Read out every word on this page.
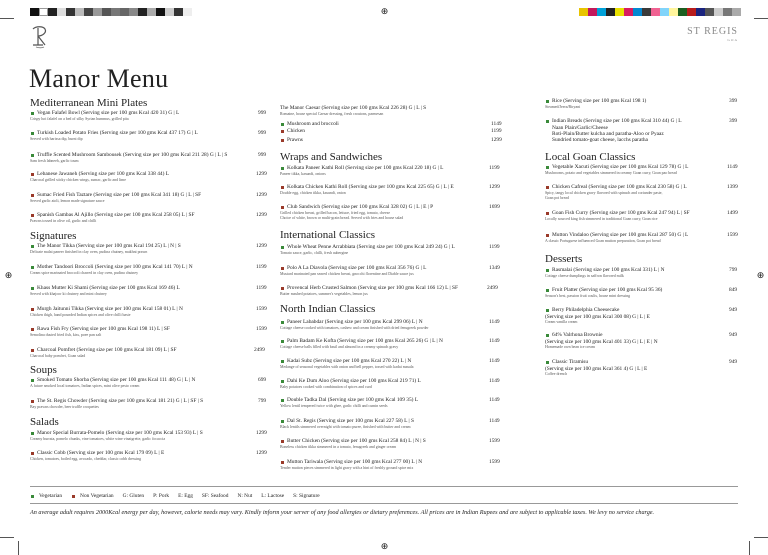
⊕
⊕	⊕
⊕
ST REGIS
GOA
Manor Menu
Mediterranean Mini Plates
Vegan Falafel Bowl (Serving size per 100 gms Kcal 420 31) G | L
Crispy hot falafel on a bed of silky Syrian hummus, grilled pita
999
Turkish Loaded Potato Fries (Serving size per 100 gms Kcal 437 17) G | L
Served with harissa dip, burnt dip
999
Truffle Scented Mushroom Sambousek (Serving size per 100 gms Kcal 211 28) G | L | S
Sam fresh labneeh, garlic toum
999
Lebanese Jawaneh (Serving size per 100 gms Kcal 338 44) L
Charcoal grilled sticky chicken wings, sumac, garlic and lime
1299
Sumac Fried Fish Taztare (Serving size per 100 gms Kcal 341 18) G | L | SF
Served garlic aioli, lemon made signature sauce
1299
Spanish Gambas Al Ajillo (Serving size per 100 gms Kcal 258 05) L | SF
Prawns tossed in olive oil, garlic and chilli
1299
Signatures
The Manor Tikka (Serving size per 100 gms Kcal 194 25) L | N | S
Delicate malai paneer finished in clay oven, pudina chutney, makhni prawn
1299
Mother Tandoori Broccoli (Serving size per 100 gms Kcal 141 70) L | N
Cream spice marinated broccoli charred in clay oven, pudina chutney
1199
Khass Mutter Ki Shami (Serving size per 100 gms Kcal 169 46) L
Served with khajoor ki chutney and mint chutney
1199
Murgh Jaitunni Tikka (Serving size per 100 gms Kcal 158 01) L | N
Chicken thigh, hand pounded Indian spices and olive chilli baste
1599
Rawa Fish Fry (Serving size per 100 gms Kcal 198 11) L | SF
Semolina dusted fried fish, kiss, poee pan salt
1599
Charcoal Pomfret (Serving size per 100 gms Kcal 181 09) L | SF
Charcoal baby pomfret, Goan salad
2499
Soups
Smoked Tomato Shorba (Serving size per 100 gms Kcal 111 48) G | L | N
A future smoked local tomatoes, Indian spices, mint olive pesto cream
699
The St. Regis Chowder (Serving size per 100 gms Kcal 181 21) G | L | SF | S
Bay prawns chowder, beer truffle croquettes
799
Salads
Manor Special Burrata-Pomelo (Serving size per 100 gms Kcal 153 93) L | S
Creamy burrata, pomelo chunks, vine tomatoes, white wine vinaigrette, garlic focaccia
1299
Classic Cobb (Serving size per 100 gms Kcal 179 09) L | E
Chicken, tomatoes, boiled egg, avocado, cheddar, classic cobb dressing
1299
The Manor Caesar (Serving size per 100 gms Kcal 226 28) G | L | S
Romaine, house special Caesar dressing, fresh croutons, parmesan
Mushroom and broccoli	1149
Chicken	1199
Prawns	1299
Wraps and Sandwiches
Kolkata Paneer Kathi Roll (Serving size per 100 gms Kcal 220 18) G | L
Paneer tikka, kasundi, onions
1199
Kolkata Chicken Kathi Roll (Serving size per 100 gms Kcal 225 65) G | L | E
Double egg, chicken tikka, kasundi, onion
1299
Club Sandwich (Serving size per 100 gms Kcal 328 02) G | L | E | P
Grilled chicken breast, grilled bacon, lettuce, fried egg, tomato, cheese
Choice of white, brown or multi-grain bread. Served with fries and house salad
1699
International Classics
Whole Wheat Penne Arrabbiata (Serving size per 100 gms Kcal 249 24) G | L
Tomato sauce, garlic, chilli, fresh aubergine
1199
Polo A La Diavola (Serving size per 100 gms Kcal 356 76) G | L
Mustard marinated pan seared chicken breast, gnocchi florentine and Diable sauce jus
1349
Provencal Herb Crusted Salmon (Serving size per 100 gms Kcal 166 12) L | SF
Butter mashed potatoes, summer's vegetables, lemon jus
2499
North Indian Classics
Paneer Lababdar (Serving size per 100 gms Kcal 299 06) L | N
Cottage cheese cooked with tomatoes, cashew and cream finished with dried fenugreek powder
1149
Palm Badam Ke Kofta (Serving size per 100 gms Kcal 265 26) G | L | N
Cottage cheese balls filled with basil and almond in a creamy spinach gravy
1149
Kadai Subz (Serving size per 100 gms Kcal 270 22) L | N
Medange of seasonal vegetables with onion and bell pepper, tossed with kadai masala
1149
Dahi Ke Dum Aloo (Serving size per 100 gms Kcal 219 71) L
Baby potatoes cooked with combination of spices and curd
1149
Double Tadka Dal (Serving size per 100 gms Kcal 109 35) L
Yellow lentil tempered twice with ghee, garlic chilli and cumin seeds
1149
Dal St. Regis (Serving size per 100 gms Kcal 227 58) L | S
Black lentils simmered overnight with tomato puree, finished with butter and cream
1149
Butter Chicken (Serving size per 100 gms Kcal 258 84) L | N | S
Boneless chicken tikka simmered in a tomato, fenugreek and ginger cream
1599
Mutton Tariwala (Serving size per 100 gms Kcal 277 00) L | N
Tender mutton pieces simmered in light gravy with a hint of freshly ground spice mix
1599
Rice (Serving size per 100 gms Kcal 198 1)
Steamed/Jeera/Biryani
399
Indian Breads (Serving size per 100 gms Kcal 310 44) G | L
Naan Plain/Garlic/Cheese
Roti-Plain/Butter kulcha and paratha-Aloo or Pyaaz
Sundried tomato-goat cheese, lacchs paratha
399
Local Goan Classics
Vegetable Xacuti (Serving size per 100 gms Kcal 129 78) G | L
Mushrooms, potato and vegetables simmered in creamy Goan curry, Goan pao bread
1149
Chicken Cafreal (Serving size per 100 gms Kcal 230 58) G | L
Spicy, tangy local chicken gravy flavored with spinach and coriander paste,
Goan poi bread
1399
Goan Fish Curry (Serving size per 100 gms Kcal 247 94) L | SF
Locally sourced king fish simmered in traditional Goan curry, Goan rice
1499
Mutton Vindaloo (Serving size per 100 gms Kcal 287 50) G | L
A classic Portuguese influenced Goan mutton preparation, Goan poi bread
1599
Desserts
Rasmalai (Serving size per 100 gms Kcal 331) L | N
Cottage cheese dumplings in saffron flavored milk
799
Fruit Platter (Serving size per 100 gms Kcal 95 36)
Season's best, passion fruit coulis, house mint dressing
849
Berry Philadelphia Cheesecake
(Serving size per 100 gms Kcal 300 08) G | L | E
Cream vanilla cream
949
64% Valrhona Brownie
(Serving size per 100 gms Kcal 401 33) G | L | E | N
Homemade own bean ice cream
949
Classic Tiramisu
(Serving size per 100 gms Kcal 361 4) G | L | E
Coffee drench
949
Vegetarian	Non Vegetarian G: Gluten P: Pork E: Egg SF: Seafood N: Nut L: Lactose S: Signature
An average adult requires 2000Kcal energy per day, however, calorie needs may vary. Kindly inform your server of any food allergies or dietary preferences. All prices are in Indian Rupees and are subject to applicable taxes. We levy no service charge.
